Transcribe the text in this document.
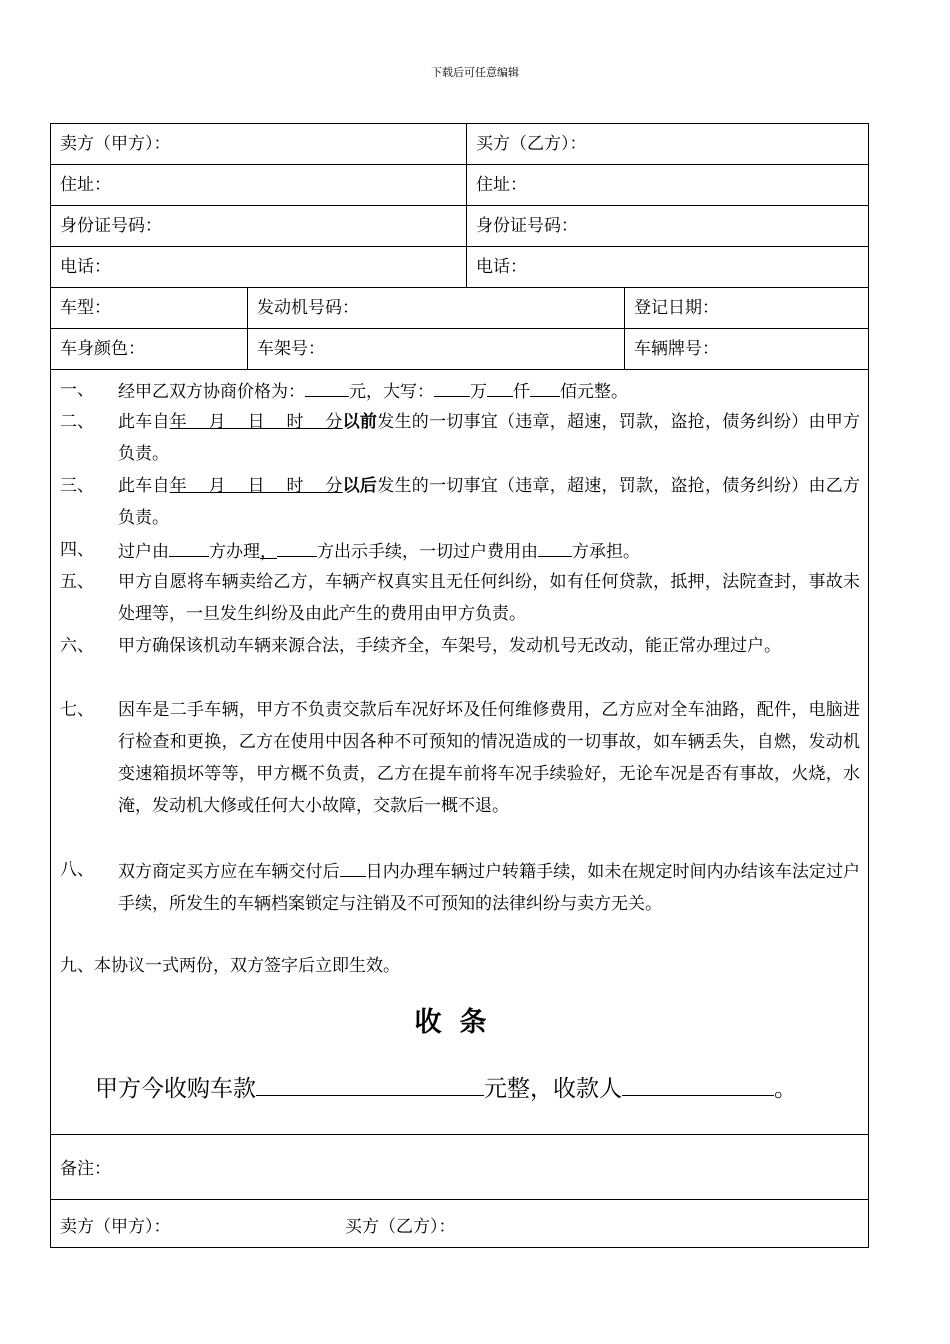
下载后可任意编辑
卖方（甲方）：	买方（乙方）：
住址：	住址：
身份证号码：	身份证号码：
电话：	电话：
车型：	发动机号码：	登记日期：
车身颜色：	车架号：	车辆牌号：
一、 经甲乙双方协商价格为：	元，大写： 万 仟 佰元整。
二、 此车自年 月 日 时 分以前发生的一切事宜（违章，超速，罚款，盗抢，债务纠纷）由甲方负责。
三、 此车自年 月 日 时 分以后发生的一切事宜（违章，超速，罚款，盗抢，债务纠纷）由乙方负责。
四、 过户由 方办理， 方出示手续，一切过户费用由 方承担。
五、 甲方自愿将车辆卖给乙方，车辆产权真实且无任何纠纷，如有任何贷款，抵押，法院查封，事故未处理等，一旦发生纠纷及由此产生的费用由甲方负责。
六、 甲方确保该机动车辆来源合法，手续齐全，车架号，发动机号无改动，能正常办理过户。
七、 因车是二手车辆，甲方不负责交款后车况好坏及任何维修费用，乙方应对全车油路，配件，电脑进行检查和更换，乙方在使用中因各种不可预知的情况造成的一切事故，如车辆丢失，自燃，发动机变速箱损坏等等，甲方概不负责，乙方在提车前将车况手续验好，无论车况是否有事故，火烧，水淹，发动机大修或任何大小故障，交款后一概不退。
八、 双方商定买方应在车辆交付后 日内办理车辆过户转籍手续，如未在规定时间内办结该车法定过户手续，所发生的车辆档案锁定与注销及不可预知的法律纠纷与卖方无关。
九、本协议一式两份，双方签字后立即生效。
收条
甲方今收购车款	元整，收款人	。
备注：
卖方（甲方）：	买方（乙方）：
